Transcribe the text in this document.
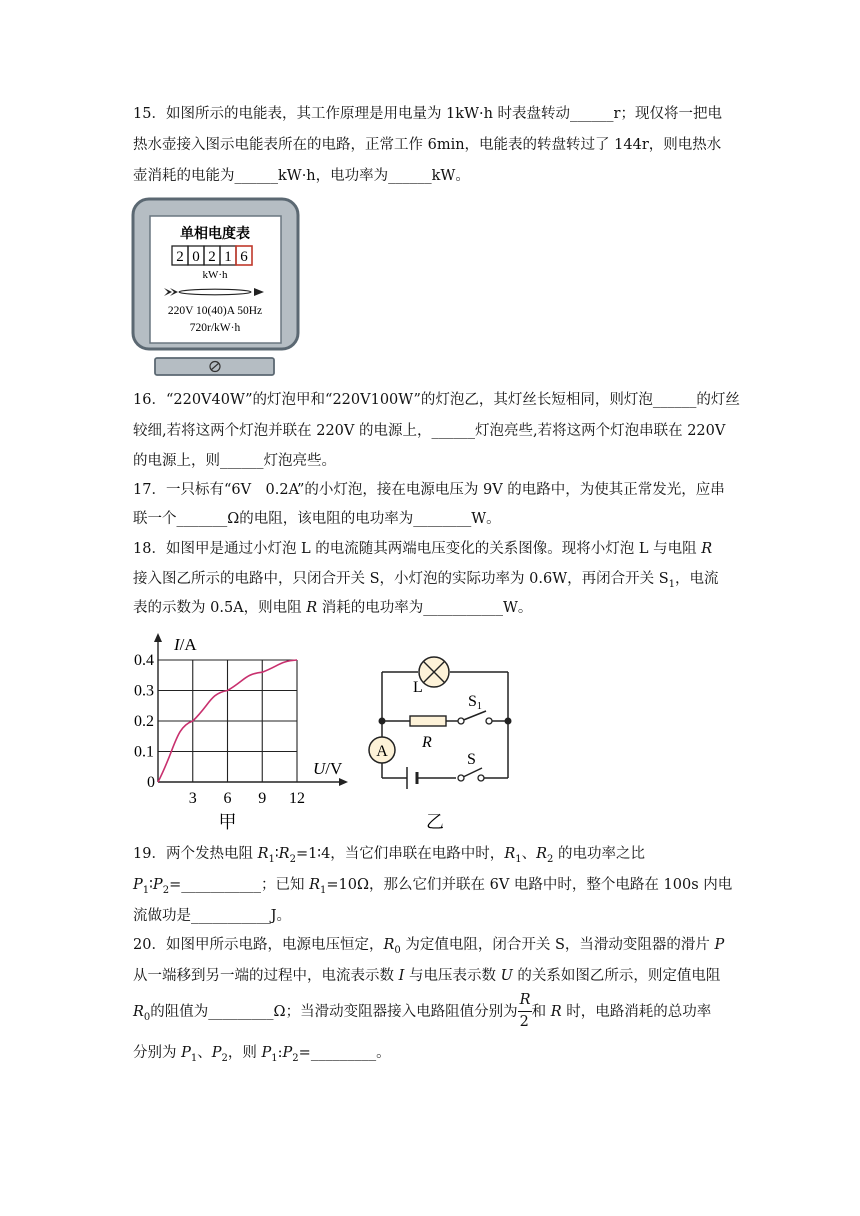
15．如图所示的电能表，其工作原理是用电量为 1kW·h 时表盘转动______r；现仅将一把电
热水壶接入图示电能表所在的电路，正常工作 6min，电能表的转盘转过了 144r，则电热水
壶消耗的电能为______kW·h，电功率为______kW。
单相电度表
2 0 2 1 6
kW·h
220V 10(40)A 50Hz
720r/kW·h
16．“220V40W”的灯泡甲和“220V100W”的灯泡乙，其灯丝长短相同，则灯泡______的灯丝
较细,若将这两个灯泡并联在 220V 的电源上，______灯泡亮些,若将这两个灯泡串联在 220V
的电源上，则______灯泡亮些。
17．一只标有“6V　0.2A”的小灯泡，接在电源电压为 9V 的电路中，为使其正常发光，应串
联一个_______Ω的电阻，该电阻的电功率为________W。
18．如图甲是通过小灯泡 L 的电流随其两端电压变化的关系图像。现将小灯泡 L 与电阻 R
接入图乙所示的电路中，只闭合开关 S，小灯泡的实际功率为 0.6W，再闭合开关 $S_1$，电流
表的示数为 0.5A，则电阻 R 消耗的电功率为___________W。
3 6 9 12
0.1
0.2
0.3
0.4
0
I/A
U/V
甲
L
R
S1
S
A
乙
19．两个发热电阻 $R_1∶R_2=1∶4$，当它们串联在电路中时，$R_1$、$R_2$ 的电功率之比
$P_1∶P_2=\_\_\_\_\_\_\_\_\_\_\_$；已知 $R_1=10\Omega$，那么它们并联在 6V 电路中时，整个电路在 100s 内电
流做功是___________J。
20．如图甲所示电路，电源电压恒定，$R_0$ 为定值电阻，闭合开关 S，当滑动变阻器的滑片 P
从一端移到另一端的过程中，电流表示数 I 与电压表示数 U 的关系如图乙所示，则定值电阻
$R_0$的阻值为_________Ω；当滑动变阻器接入电路阻值分别为 $\frac{R}{2}$ 和 R 时，电路消耗的总功率
分别为 $P_1$、$P_2$，则 $P_1:P_2=\_\_\_\_\_\_\_\_\_$。
